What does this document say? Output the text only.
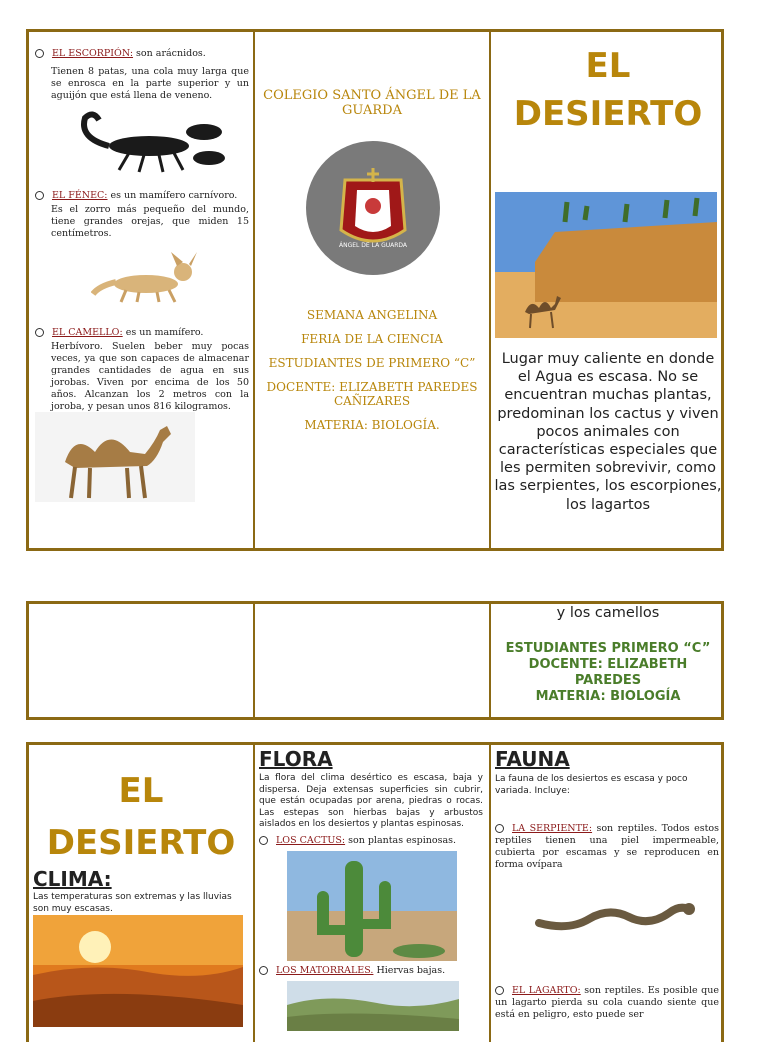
EL ESCORPIÓN: son arácnidos.
Tienen 8 patas, una cola muy larga que se enrosca en la parte superior y un aguijón que está llena de veneno.
EL FÉNEC: es un mamífero carnívoro.
Es el zorro más pequeño del mundo, tiene grandes orejas, que miden 15 centímetros.
EL CAMELLO: es un mamífero.
Herbívoro. Suelen beber muy pocas veces, ya que son capaces de almacenar grandes cantidades de agua en sus jorobas. Viven por encima de los 50 años. Alcanzan los 2 metros con la joroba, y pesan unos 816 kilogramos.
COLEGIO SANTO ÁNGEL DE LA GUARDA
ÁNGEL DE LA GUARDA
SEMANA ANGELINA
FERIA DE LA CIENCIA
ESTUDIANTES DE PRIMERO “C”
DOCENTE: ELIZABETH PAREDES CAÑIZARES
MATERIA: BIOLOGÍA.
EL
DESIERTO
Lugar muy caliente en donde el Agua es escasa. No se encuentran muchas plantas, predominan los cactus y viven pocos animales con características especiales que les permiten sobrevivir, como las serpientes, los escorpiones, los lagartos
y los camellos
ESTUDIANTES PRIMERO “C”
DOCENTE: ELIZABETH PAREDES
MATERIA: BIOLOGÍA
EL
DESIERTO
CLIMA:
Las temperaturas son extremas y las lluvias son muy escasas.
FLORA
La flora del clima desértico es escasa, baja y dispersa. Deja extensas superficies sin cubrir, que están ocupadas por arena, piedras o rocas. Las estepas son hierbas bajas y arbustos aislados en los desiertos y plantas espinosas.
LOS CACTUS: son plantas espinosas.
LOS MATORRALES. Hiervas bajas.
FAUNA
La fauna de los desiertos es escasa y poco variada. Incluye:
LA SERPIENTE: son reptiles. Todos estos reptiles tienen una piel impermeable, cubierta por escamas y se reproducen en forma ovípara
EL LAGARTO: son reptiles. Es posible que un lagarto pierda su cola cuando siente que está en peligro, esto puede ser
